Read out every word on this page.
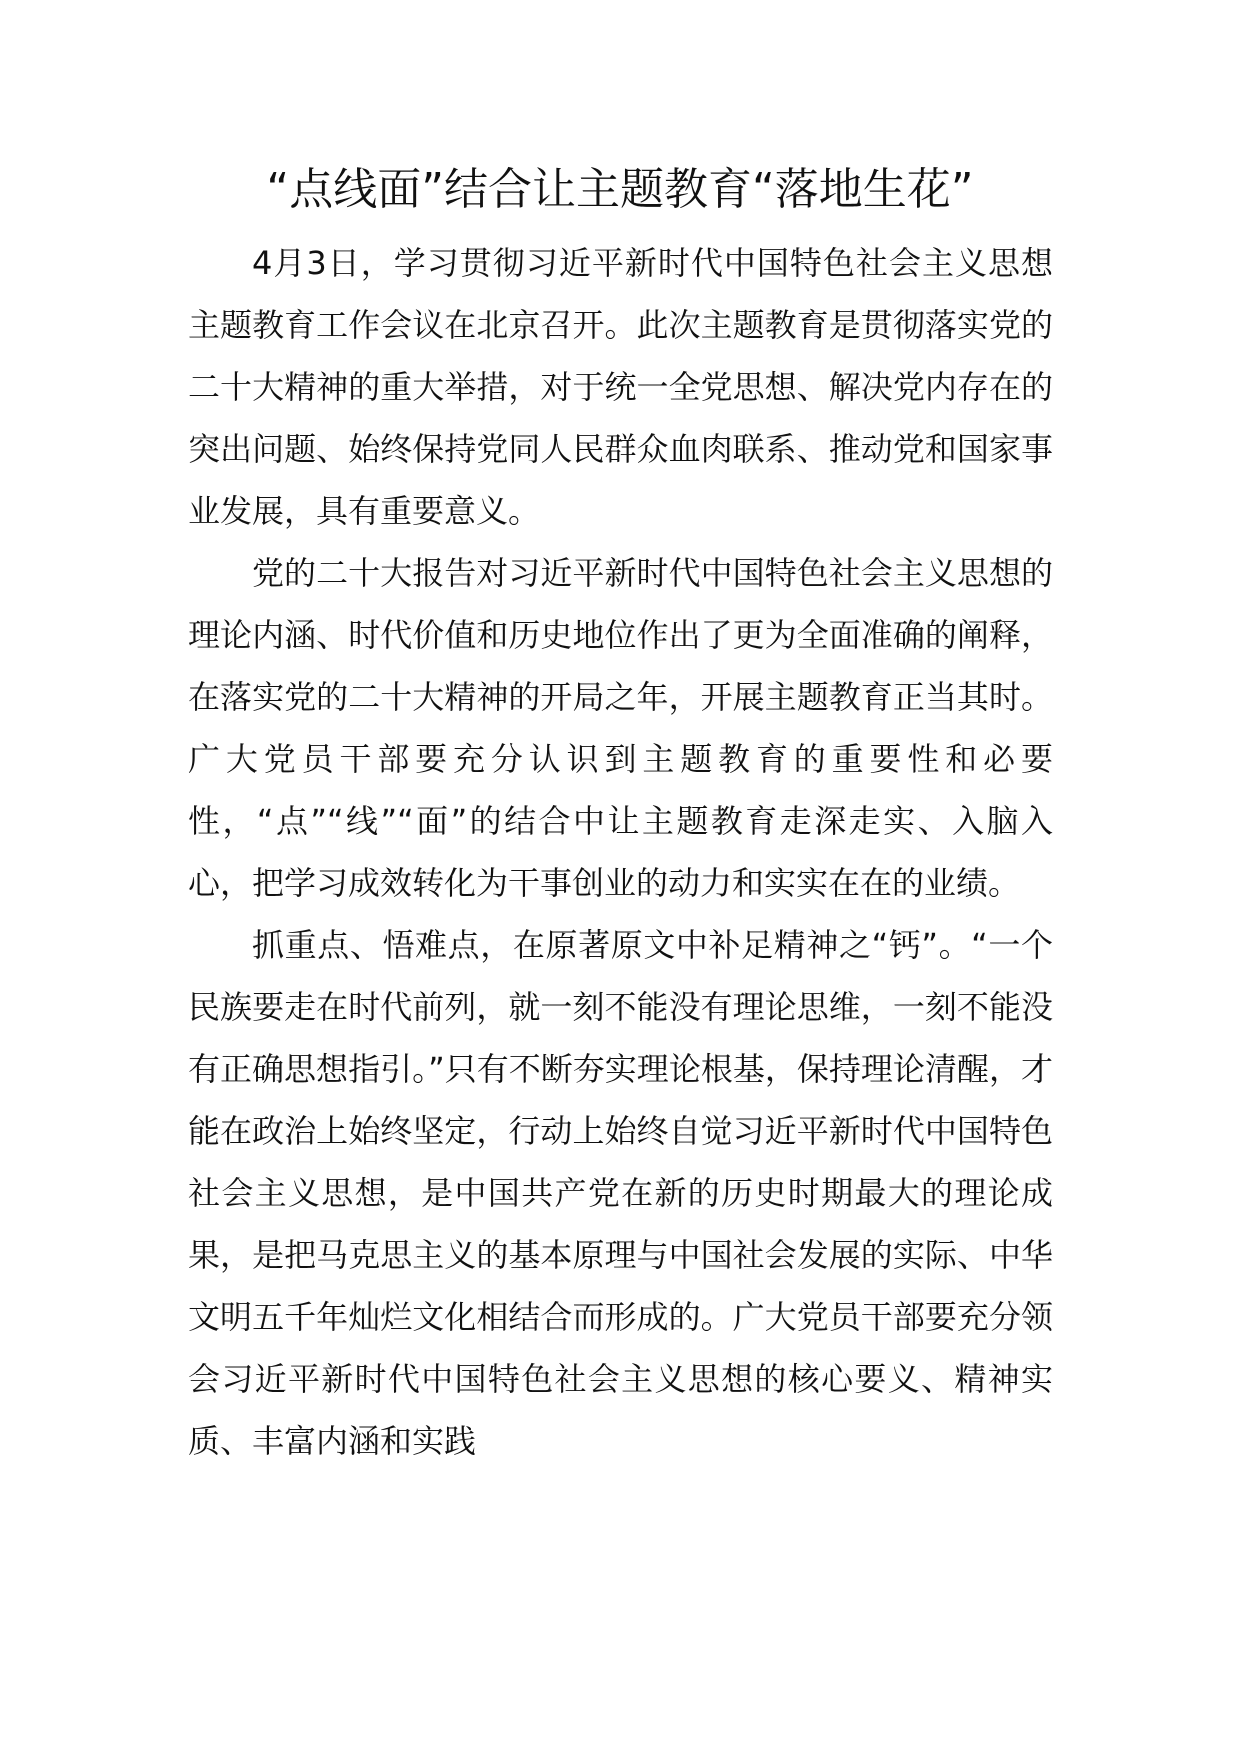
“点线面”结合让主题教育“落地生花”

4月3日，学习贯彻习近平新时代中国特色社会主义思想主题教育工作会议在北京召开。此次主题教育是贯彻落实党的二十大精神的重大举措，对于统一全党思想、解决党内存在的突出问题、始终保持党同人民群众血肉联系、推动党和国家事业发展，具有重要意义。

党的二十大报告对习近平新时代中国特色社会主义思想的理论内涵、时代价值和历史地位作出了更为全面准确的阐释，在落实党的二十大精神的开局之年，开展主题教育正当其时。广大党员干部要充分认识到主题教育的重要性和必要性，“点”“线”“面”的结合中让主题教育走深走实、入脑入心，把学习成效转化为干事创业的动力和实实在在的业绩。

抓重点、悟难点，在原著原文中补足精神之“钙”。“一个民族要走在时代前列，就一刻不能没有理论思维，一刻不能没有正确思想指引。”只有不断夯实理论根基，保持理论清醒，才能在政治上始终坚定，行动上始终自觉习近平新时代中国特色社会主义思想，是中国共产党在新的历史时期最大的理论成果，是把马克思主义的基本原理与中国社会发展的实际、中华文明五千年灿烂文化相结合而形成的。广大党员干部要充分领会习近平新时代中国特色社会主义思想的核心要义、精神实质、丰富内涵和实践
